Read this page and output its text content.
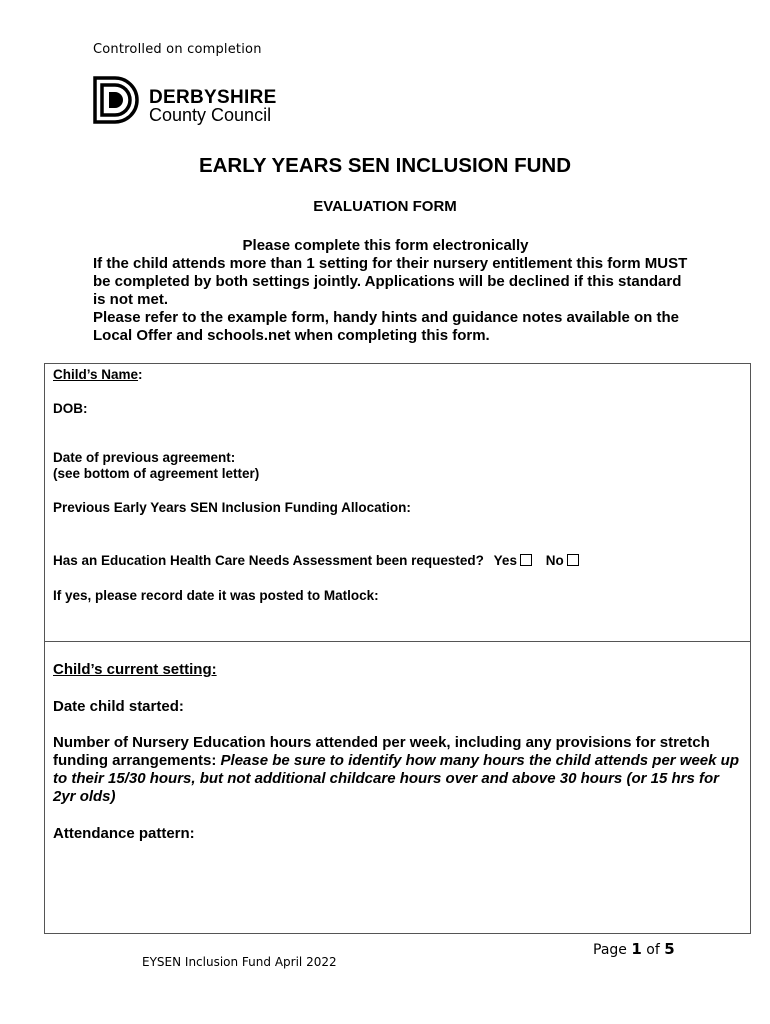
Controlled on completion
DERBYSHIRE
County Council
EARLY YEARS SEN INCLUSION FUND
EVALUATION FORM
Please complete this form electronically
If the child attends more than 1 setting for their nursery entitlement this form MUST be completed by both settings jointly. Applications will be declined if this standard is not met.
Please refer to the example form, handy hints and guidance notes available on the Local Offer and schools.net when completing this form.
Child’s Name:
DOB:
Date of previous agreement:
(see bottom of agreement letter)
Previous Early Years SEN Inclusion Funding Allocation:
Has an Education Health Care Needs Assessment been requested? Yes No
If yes, please record date it was posted to Matlock:
Child’s current setting:
Date child started:
Number of Nursery Education hours attended per week, including any provisions for stretch funding arrangements: Please be sure to identify how many hours the child attends per week up to their 15/30 hours, but not additional childcare hours over and above 30 hours (or 15 hrs for 2yr olds)
Attendance pattern:
Page 1 of 5
EYSEN Inclusion Fund April 2022
